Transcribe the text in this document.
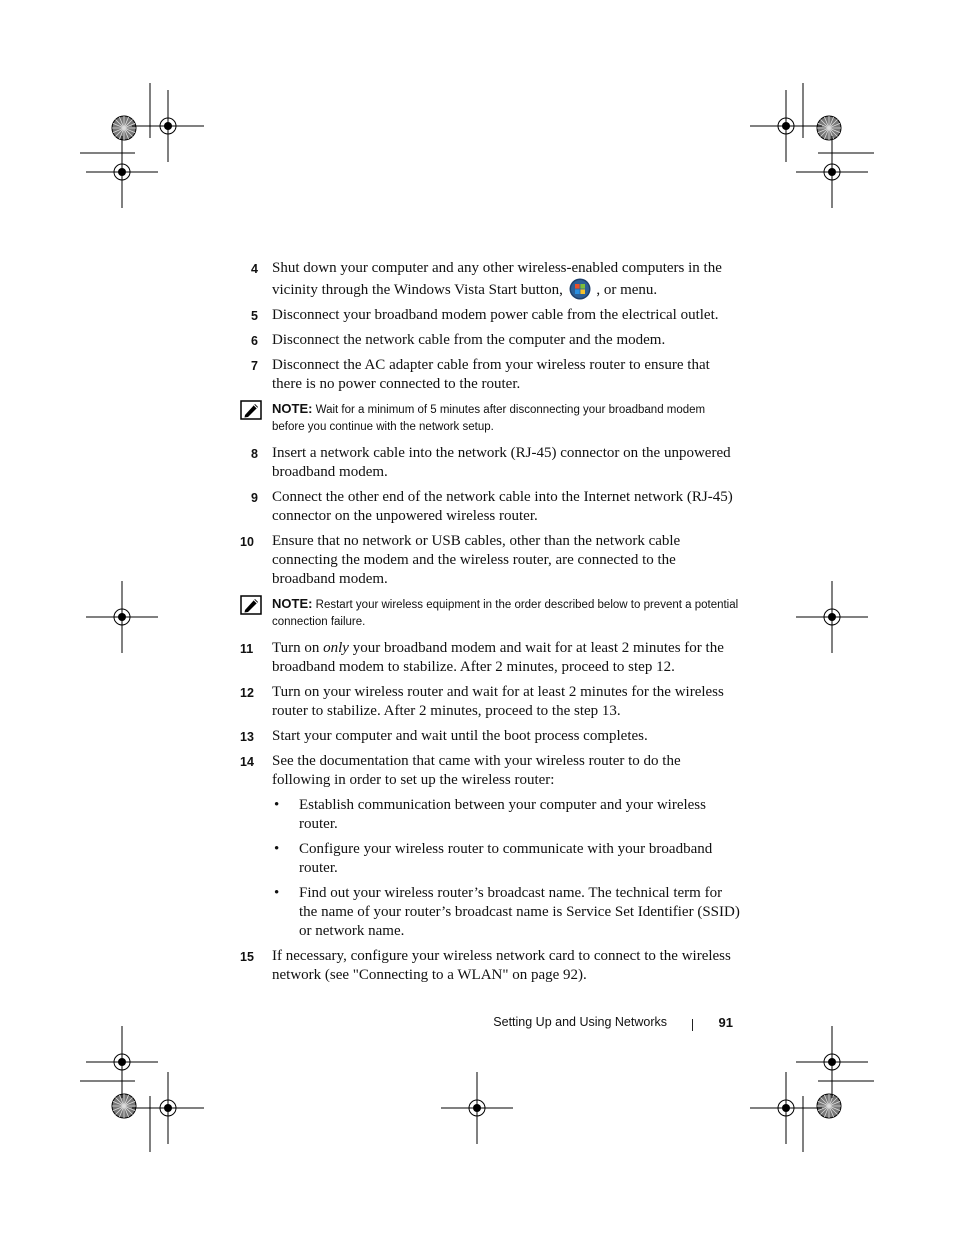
4 Shut down your computer and any other wireless-enabled computers in the vicinity through the Windows Vista Start button, , or menu.
5 Disconnect your broadband modem power cable from the electrical outlet.
6 Disconnect the network cable from the computer and the modem.
7 Disconnect the AC adapter cable from your wireless router to ensure that there is no power connected to the router.
NOTE: Wait for a minimum of 5 minutes after disconnecting your broadband modem before you continue with the network setup.
8 Insert a network cable into the network (RJ-45) connector on the unpowered broadband modem.
9 Connect the other end of the network cable into the Internet network (RJ-45) connector on the unpowered wireless router.
10 Ensure that no network or USB cables, other than the network cable connecting the modem and the wireless router, are connected to the broadband modem.
NOTE: Restart your wireless equipment in the order described below to prevent a potential connection failure.
11 Turn on only your broadband modem and wait for at least 2 minutes for the broadband modem to stabilize. After 2 minutes, proceed to step 12.
12 Turn on your wireless router and wait for at least 2 minutes for the wireless router to stabilize. After 2 minutes, proceed to the step 13.
13 Start your computer and wait until the boot process completes.
14 See the documentation that came with your wireless router to do the following in order to set up the wireless router:
• Establish communication between your computer and your wireless router.
• Configure your wireless router to communicate with your broadband router.
• Find out your wireless router’s broadcast name. The technical term for the name of your router’s broadcast name is Service Set Identifier (SSID) or network name.
15 If necessary, configure your wireless network card to connect to the wireless network (see "Connecting to a WLAN" on page 92).
Setting Up and Using Networks	91
